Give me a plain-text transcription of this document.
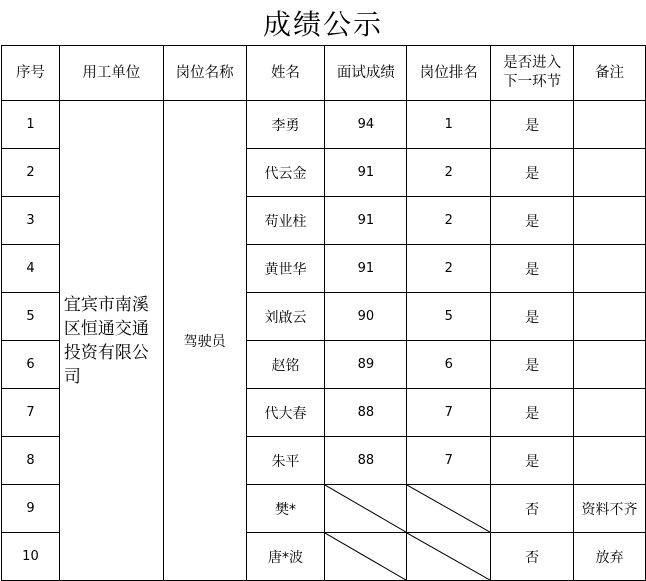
成绩公示
序号	用工单位	岗位名称	姓名	面试成绩	岗位排名	是否进入下一环节	备注
1	宜宾市南溪区恒通交通投资有限公司	驾驶员	李勇	94	1	是	
2			代云金	91	2	是	
3			苟业柱	91	2	是	
4			黄世华	91	2	是	
5			刘啟云	90	5	是	
6			赵铭	89	6	是	
7			代大春	88	7	是	
8			朱平	88	7	是	
9			樊*			否	资料不齐
10			唐*波			否	放弃
